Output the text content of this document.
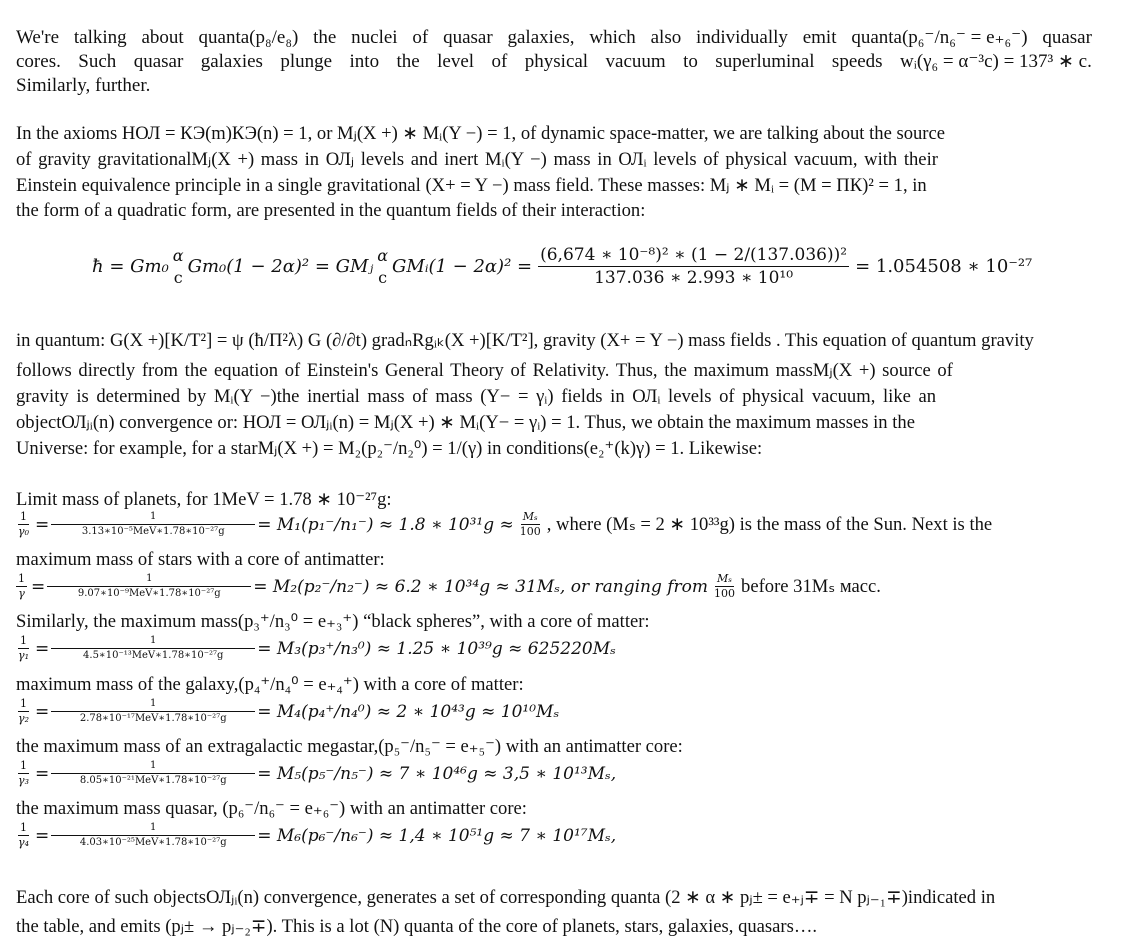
We're talking about quanta(p₈/e₈) the nuclei of quasar galaxies, which also individually emit quanta(p₆⁻/n₆⁻ = e₊₆⁻) quasar
cores. Such quasar galaxies plunge into the level of physical vacuum to superluminal speeds wᵢ(γ₆ = α⁻³c) = 137³ ∗ c.
Similarly, further.
In the axioms НОЛ = КЭ(m)КЭ(n) = 1, or Mⱼ(X +) ∗ Mᵢ(Y −) = 1, of dynamic space-matter, we are talking about the source
of gravity gravitationalMⱼ(X +) mass in ОЛⱼ levels and inert Mᵢ(Y −) mass in ОЛᵢ levels of physical vacuum, with their
Einstein equivalence principle in a single gravitational (X+ = Y −) mass field. These masses: Mⱼ ∗ Mᵢ = (M = ПК)² = 1, in
the form of a quadratic form, are presented in the quantum fields of their interaction:
ħ = Gm₀
α
c Gm₀(1 − 2α)² = GMⱼ
α
c GMᵢ(1 − $2\alpha)^2 = \frac{\text{(6,674 ∗ 10⁻⁸)² ∗ (1 − 2/(137.036))²}}{\text{137.036 ∗ 2.993 ∗ 10¹⁰}} = 1.054508$ ∗ 10⁻²⁷
in quantum: G(X +)[K/T²] = ψ (ħ/П²λ) G (∂/∂t) gradₙRgᵢₖ(X +)[K/T²], gravity (X+ = Y −) mass fields . This equation of quantum gravity
follows directly from the equation of Einstein's General Theory of Relativity. Thus, the maximum massMⱼ(X +) source of
gravity is determined by Mᵢ(Y −)the inertial mass of mass (Y− = γᵢ) fields in ОЛᵢ levels of physical vacuum, like an
objectОЛⱼᵢ(n) convergence or: НОЛ = ОЛⱼᵢ(n) = Mⱼ(X +) ∗ Mᵢ(Y− = γᵢ) = 1. Thus, we obtain the maximum masses in the
Universe: for example, for a starMⱼ(X +) = M₂(p₂⁻/n₂⁰) = 1/(γ) in conditions(e₂⁺(k)γ) = 1. Likewise:
Limit mass of planets, for 1MeV = 1.78 ∗ 10⁻²⁷g:
$\frac{1}{\text{γ₀}} = \frac{1}{\text{3.13∗10⁻⁵MeV∗1.78∗10⁻²⁷g}} = M_1(p_1^-/n_1^-) \approx 1.8$ ∗ $10^{31}g \approx \frac{\text{Mₛ}}{100}$ , where (Mₛ = 2 ∗ 10³³g) is the mass of the Sun. Next is the
maximum mass of stars with a core of antimatter:
$\frac{1}{\gamma} = \frac{1}{\text{9.07∗10⁻⁹MeV∗1.78∗10⁻²⁷g}} = M_2(p_2^-/n_2^-) \approx 6.2$ ∗ 10³⁴g ≈ 31Mₛ, or ranging from $\frac{\text{Mₛ}}{100}$ before 31Mₛ масс.
Similarly, the maximum mass(p₃⁺/n₃⁰ = e₊₃⁺) “black spheres”, with a core of matter:
$\frac{1}{\text{γ₁}} = \frac{1}{\text{4.5∗10⁻¹³MeV∗1.78∗10⁻²⁷g}} = M_3(p_3^+/n_3^0) \approx 1.25$ ∗ 10³⁹g ≈ 625220Mₛ
maximum mass of the galaxy,(p₄⁺/n₄⁰ = e₊₄⁺) with a core of matter:
$\frac{1}{\text{γ₂}} = \frac{1}{\text{2.78∗10⁻¹⁷MeV∗1.78∗10⁻²⁷g}} = M_4(p_4^+/n_4^0) \approx 2$ ∗ 10⁴³g ≈ 10¹⁰Mₛ
the maximum mass of an extragalactic megastar,(p₅⁻/n₅⁻ = e₊₅⁻) with an antimatter core:
$\frac{1}{\text{γ₃}} = \frac{1}{\text{8.05∗10⁻²¹MeV∗1.78∗10⁻²⁷g}} = M_5(p_5^-/n_5^-) \approx 7$ ∗ 10⁴⁶g ≈ 3,5 ∗ 10¹³Mₛ,
the maximum mass quasar, (p₆⁻/n₆⁻ = e₊₆⁻) with an antimatter core:
$\frac{1}{\text{γ₄}} = \frac{1}{\text{4.03∗10⁻²⁵MeV∗1.78∗10⁻²⁷g}} = M_6(p_6^-/n_6^-) \approx 1,4$ ∗ 10⁵¹g ≈ 7 ∗ 10¹⁷Mₛ,
Each core of such objectsОЛⱼᵢ(n) convergence, generates a set of corresponding quanta (2 ∗ α ∗ pⱼ± = e₊ⱼ∓ = N pⱼ₋₁∓)indicated in
the table, and emits (pⱼ± → pⱼ₋₂∓). This is a lot (N) quanta of the core of planets, stars, galaxies, quasars….
